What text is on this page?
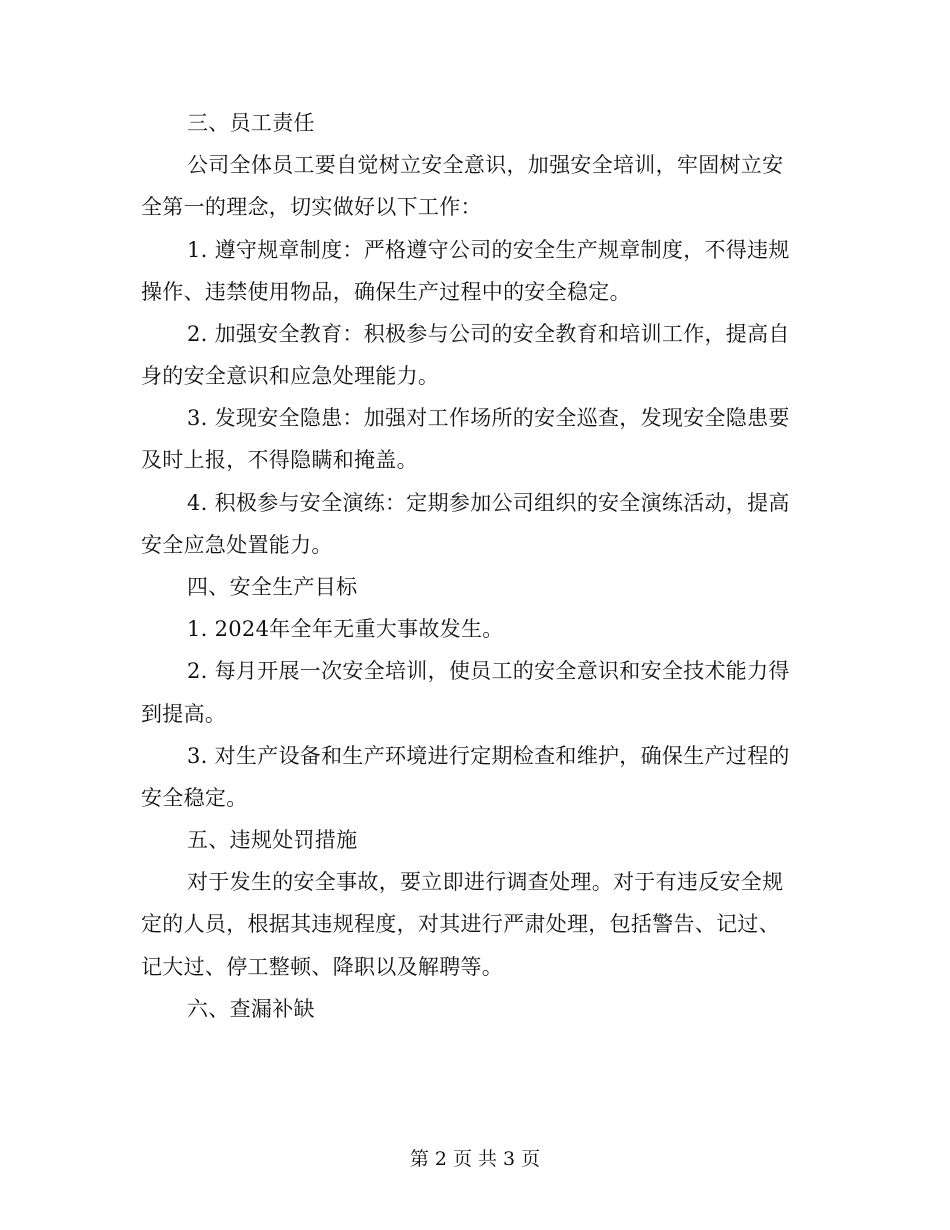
三、员工责任
公司全体员工要自觉树立安全意识，加强安全培训，牢固树立安
全第一的理念，切实做好以下工作：
1. 遵守规章制度：严格遵守公司的安全生产规章制度，不得违规
操作、违禁使用物品，确保生产过程中的安全稳定。
2. 加强安全教育：积极参与公司的安全教育和培训工作，提高自
身的安全意识和应急处理能力。
3. 发现安全隐患：加强对工作场所的安全巡查，发现安全隐患要
及时上报，不得隐瞒和掩盖。
4. 积极参与安全演练：定期参加公司组织的安全演练活动，提高
安全应急处置能力。
四、安全生产目标
1. 2024年全年无重大事故发生。
2. 每月开展一次安全培训，使员工的安全意识和安全技术能力得
到提高。
3. 对生产设备和生产环境进行定期检查和维护，确保生产过程的
安全稳定。
五、违规处罚措施
对于发生的安全事故，要立即进行调查处理。对于有违反安全规
定的人员，根据其违规程度，对其进行严肃处理，包括警告、记过、
记大过、停工整顿、降职以及解聘等。
六、查漏补缺
第 2 页 共 3 页
